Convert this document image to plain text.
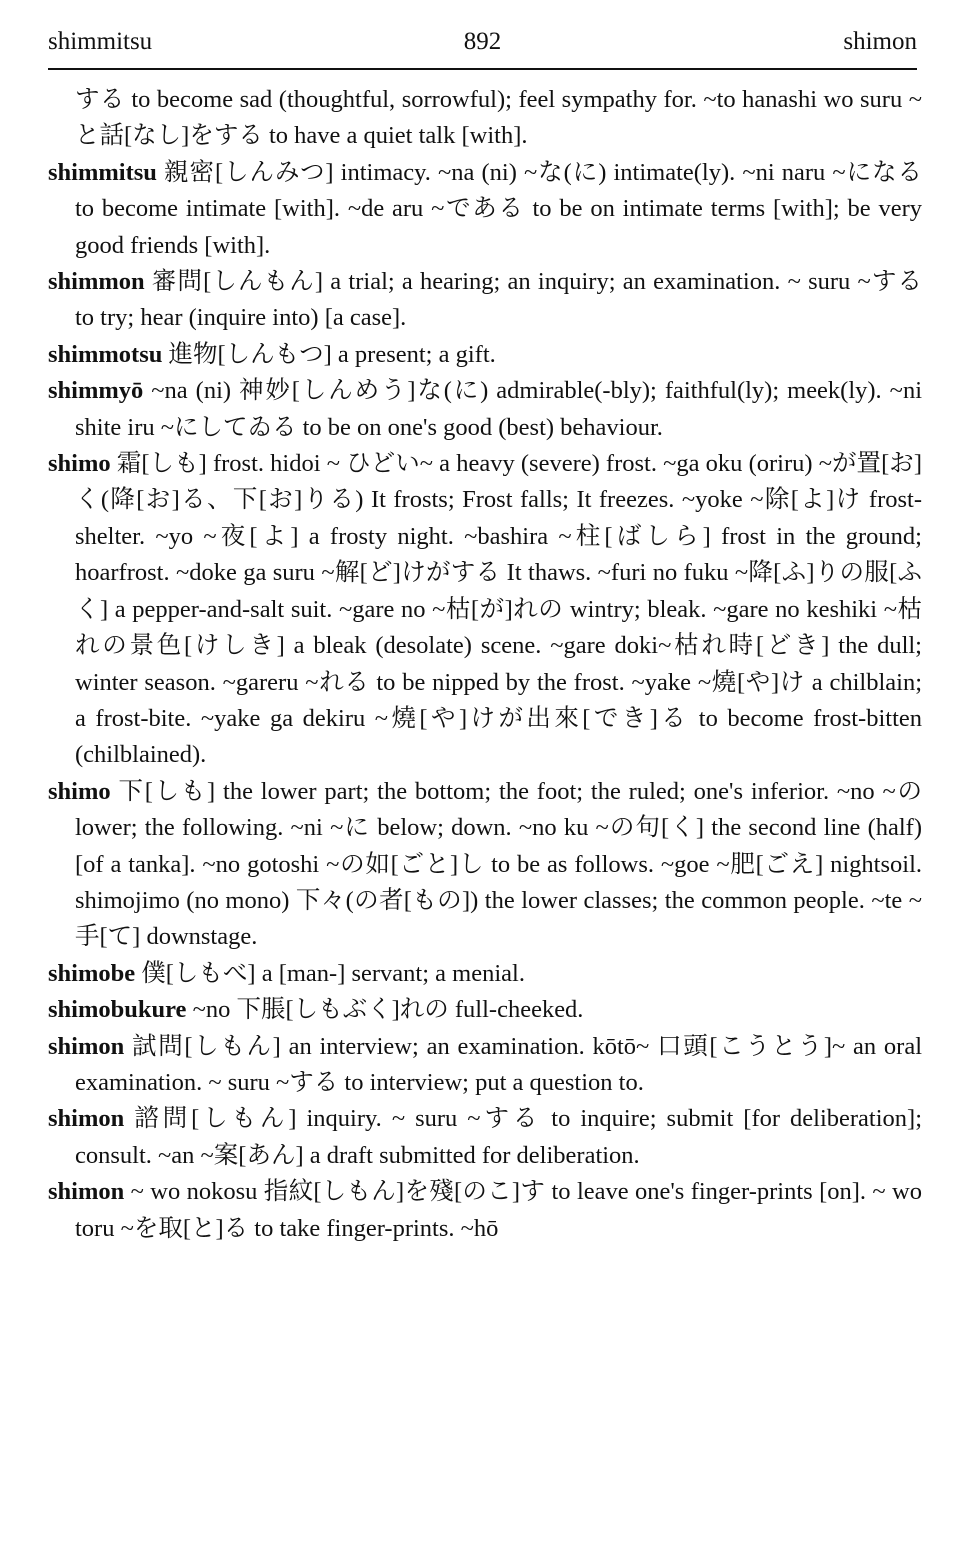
892
shimmitsu	shimon

する to become sad (thoughtful, sorrowful); feel sympathy for. ~to hanashi wo suru ~と話[なし]をする to have a quiet talk [with].

shimmitsu 親密[しんみつ] intimacy. ~na (ni) ~な(に) intimate(ly). ~ni naru ~になる to become intimate [with]. ~de aru ~である to be on intimate terms [with]; be very good friends [with].

shimmon 審問[しんもん] a trial; a hearing; an inquiry; an examination. ~ suru ~する to try; hear (inquire into) [a case].

shimmotsu 進物[しんもつ] a present; a gift.

shimmyō ~na (ni) 神妙[しんめう]な(に) admirable(-bly); faithful(ly); meek(ly). ~ni shite iru ~にしてゐる to be on one's good (best) behaviour.

shimo 霜[しも] frost. hidoi ~ ひどい~ a heavy (severe) frost. ~ga oku (oriru) ~が置[お]く(降[お]る、下[お]りる) It frosts; Frost falls; It freezes. ~yoke ~除[よ]け frost-shelter. ~yo ~夜[よ] a frosty night. ~bashira ~柱[ばしら] frost in the ground; hoarfrost. ~doke ga suru ~解[ど]けがする It thaws. ~furi no fuku ~降[ふ]りの服[ふく] a pepper-and-salt suit. ~gare no ~枯[が]れの wintry; bleak. ~gare no keshiki ~枯れの景色[けしき] a bleak (desolate) scene. ~gare doki~枯れ時[どき] the dull; winter season. ~gareru ~れる to be nipped by the frost. ~yake ~燒[や]け a chilblain; a frost-bite. ~yake ga dekiru ~燒[や]けが出來[でき]る to become frost-bitten (chilblained).

shimo 下[しも] the lower part; the bottom; the foot; the ruled; one's inferior. ~no ~の lower; the following. ~ni ~に below; down. ~no ku ~の句[く] the second line (half) [of a tanka]. ~no gotoshi ~の如[ごと]し to be as follows. ~goe ~肥[ごえ] nightsoil. shimojimo (no mono) 下々(の者[もの]) the lower classes; the common people. ~te ~手[て] downstage.

shimobe 僕[しもべ] a [man-] servant; a menial.

shimobukure ~no 下脹[しもぶく]れの full-cheeked.

shimon 試問[しもん] an interview; an examination. kōtō~ 口頭[こうとう]~ an oral examination. ~ suru ~する to interview; put a question to.

shimon 諮問[しもん] inquiry. ~ suru ~する to inquire; submit [for deliberation]; consult. ~an ~案[あん] a draft submitted for deliberation.

shimon ~ wo nokosu 指紋[しもん]を殘[のこ]す to leave one's finger-prints [on]. ~ wo toru ~を取[と]る to take finger-prints. ~hō
